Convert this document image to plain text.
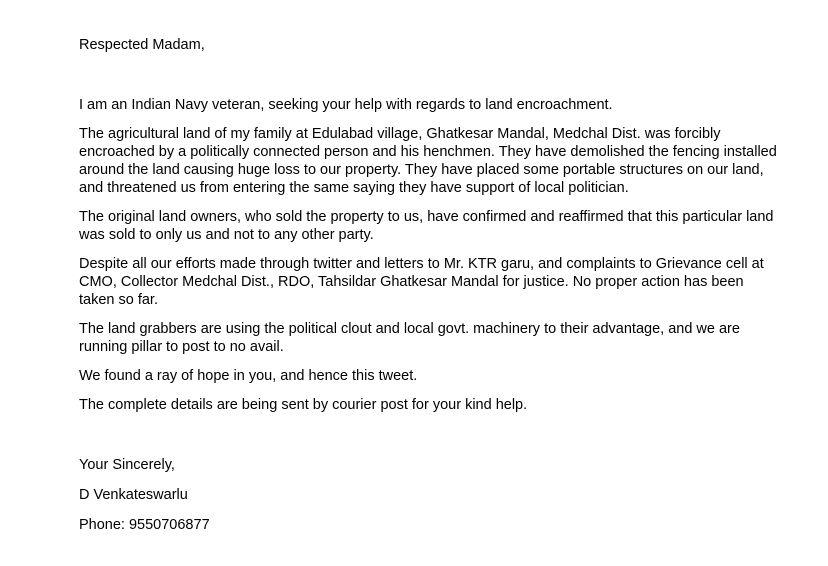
Respected Madam,

I am an Indian Navy veteran, seeking your help with regards to land encroachment.

The agricultural land of my family at Edulabad village, Ghatkesar Mandal, Medchal Dist. was forcibly encroached by a politically connected person and his henchmen. They have demolished the fencing installed around the land causing huge loss to our property. They have placed some portable structures on our land, and threatened us from entering the same saying they have support of local politician.

The original land owners, who sold the property to us, have confirmed and reaffirmed that this particular land was sold to only us and not to any other party.

Despite all our efforts made through twitter and letters to Mr. KTR garu, and complaints to Grievance cell at CMO, Collector Medchal Dist., RDO, Tahsildar Ghatkesar Mandal for justice. No proper action has been taken so far.

The land grabbers are using the political clout and local govt. machinery to their advantage, and we are running pillar to post to no avail.

We found a ray of hope in you, and hence this tweet.

The complete details are being sent by courier post for your kind help.

Your Sincerely,

D Venkateswarlu

Phone: 9550706877
